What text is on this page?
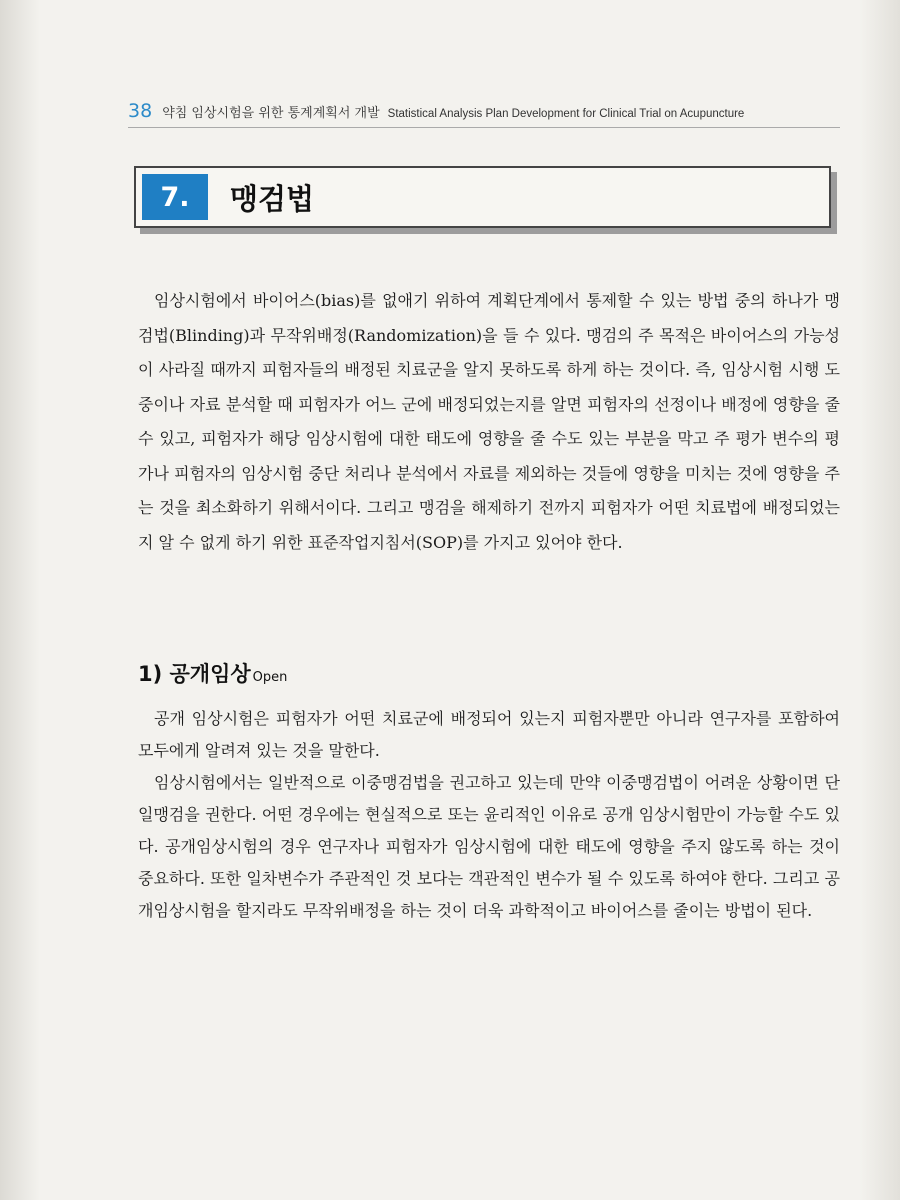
38 약침 임상시험을 위한 통계계획서 개발 Statistical Analysis Plan Development for Clinical Trial on Acupuncture
7.	맹검법

임상시험에서 바이어스(bias)를 없애기 위하여 계획단계에서 통제할 수 있는 방법 중의 하나가 맹검법(Blinding)과 무작위배정(Randomization)을 들 수 있다. 맹검의 주 목적은 바이어스의 가능성이 사라질 때까지 피험자들의 배정된 치료군을 알지 못하도록 하게 하는 것이다. 즉, 임상시험 시행 도중이나 자료 분석할 때 피험자가 어느 군에 배정되었는지를 알면 피험자의 선정이나 배정에 영향을 줄 수 있고, 피험자가 해당 임상시험에 대한 태도에 영향을 줄 수도 있는 부분을 막고 주 평가 변수의 평가나 피험자의 임상시험 중단 처리나 분석에서 자료를 제외하는 것들에 영향을 미치는 것에 영향을 주는 것을 최소화하기 위해서이다. 그리고 맹검을 해제하기 전까지 피험자가 어떤 치료법에 배정되었는지 알 수 없게 하기 위한 표준작업지침서(SOP)를 가지고 있어야 한다.

1) 공개임상 Open

공개 임상시험은 피험자가 어떤 치료군에 배정되어 있는지 피험자뿐만 아니라 연구자를 포함하여 모두에게 알려져 있는 것을 말한다.

임상시험에서는 일반적으로 이중맹검법을 권고하고 있는데 만약 이중맹검법이 어려운 상황이면 단일맹검을 권한다. 어떤 경우에는 현실적으로 또는 윤리적인 이유로 공개 임상시험만이 가능할 수도 있다. 공개임상시험의 경우 연구자나 피험자가 임상시험에 대한 태도에 영향을 주지 않도록 하는 것이 중요하다. 또한 일차변수가 주관적인 것 보다는 객관적인 변수가 될 수 있도록 하여야 한다. 그리고 공개임상시험을 할지라도 무작위배정을 하는 것이 더욱 과학적이고 바이어스를 줄이는 방법이 된다.
